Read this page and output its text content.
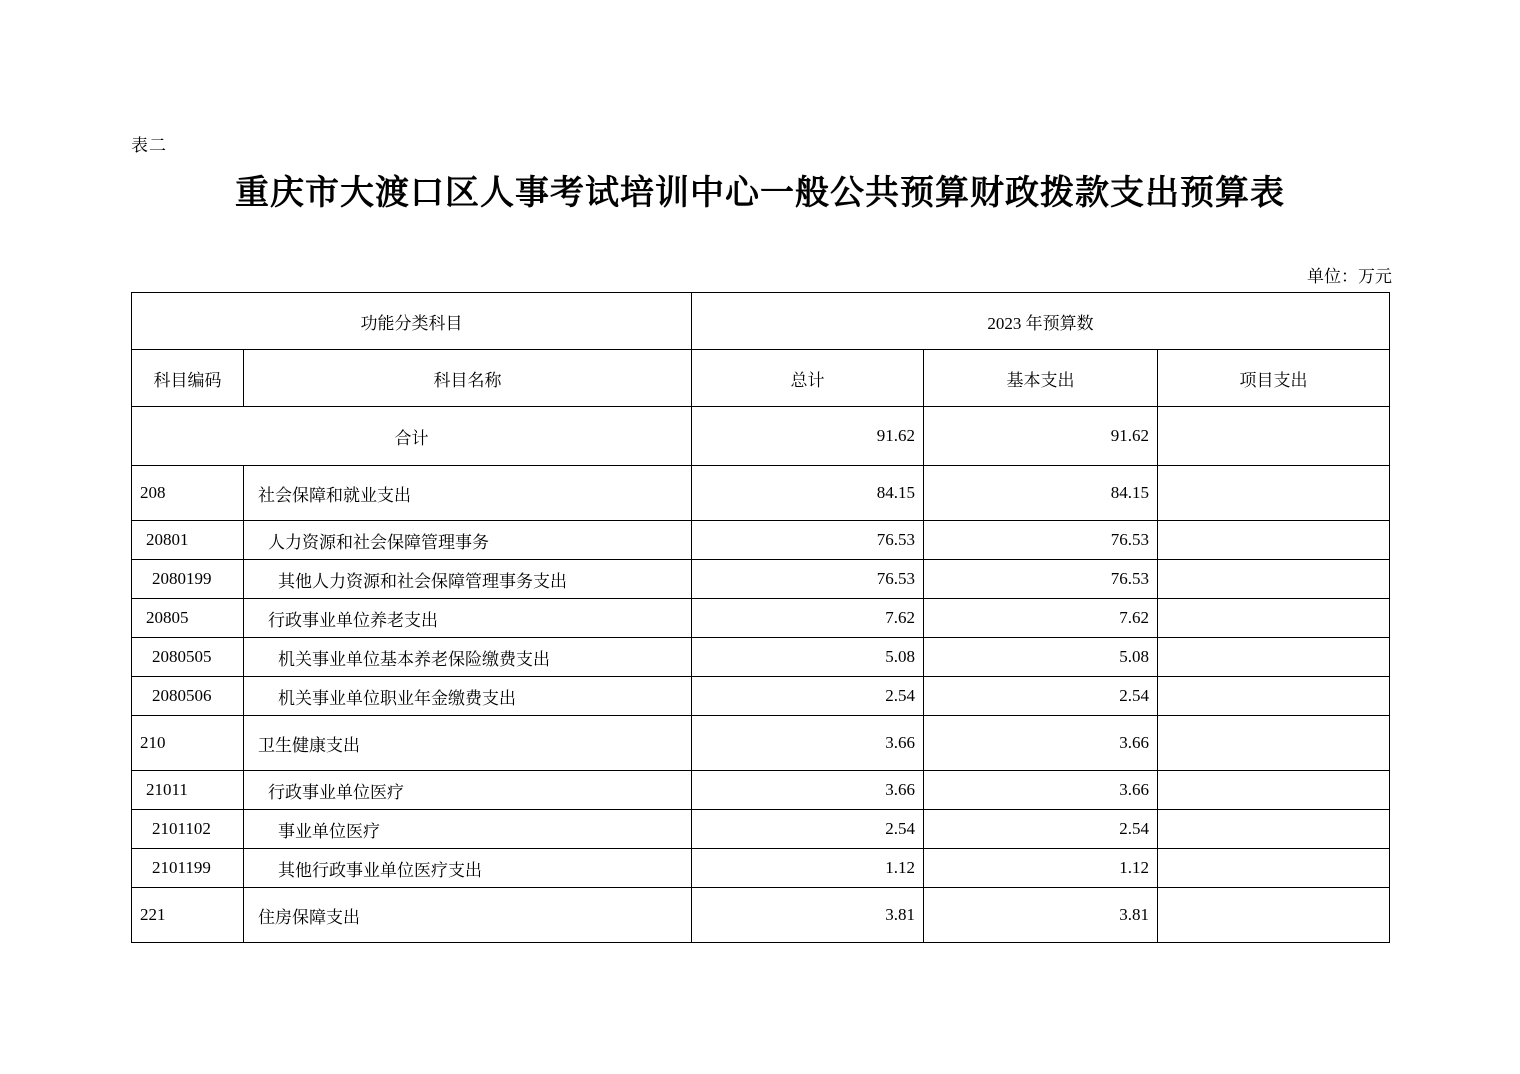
表二
重庆市大渡口区人事考试培训中心一般公共预算财政拨款支出预算表
单位：万元
功能分类科目		2023 年预算数		
科目编码	科目名称	总计	基本支出	项目支出
合计		91.62	91.62	
208	社会保障和就业支出	84.15	84.15	
20801	人力资源和社会保障管理事务	76.53	76.53	
2080199	其他人力资源和社会保障管理事务支出	76.53	76.53	
20805	行政事业单位养老支出	7.62	7.62	
2080505	机关事业单位基本养老保险缴费支出	5.08	5.08	
2080506	机关事业单位职业年金缴费支出	2.54	2.54	
210	卫生健康支出	3.66	3.66	
21011	行政事业单位医疗	3.66	3.66	
2101102	事业单位医疗	2.54	2.54	
2101199	其他行政事业单位医疗支出	1.12	1.12	
221	住房保障支出	3.81	3.81	
